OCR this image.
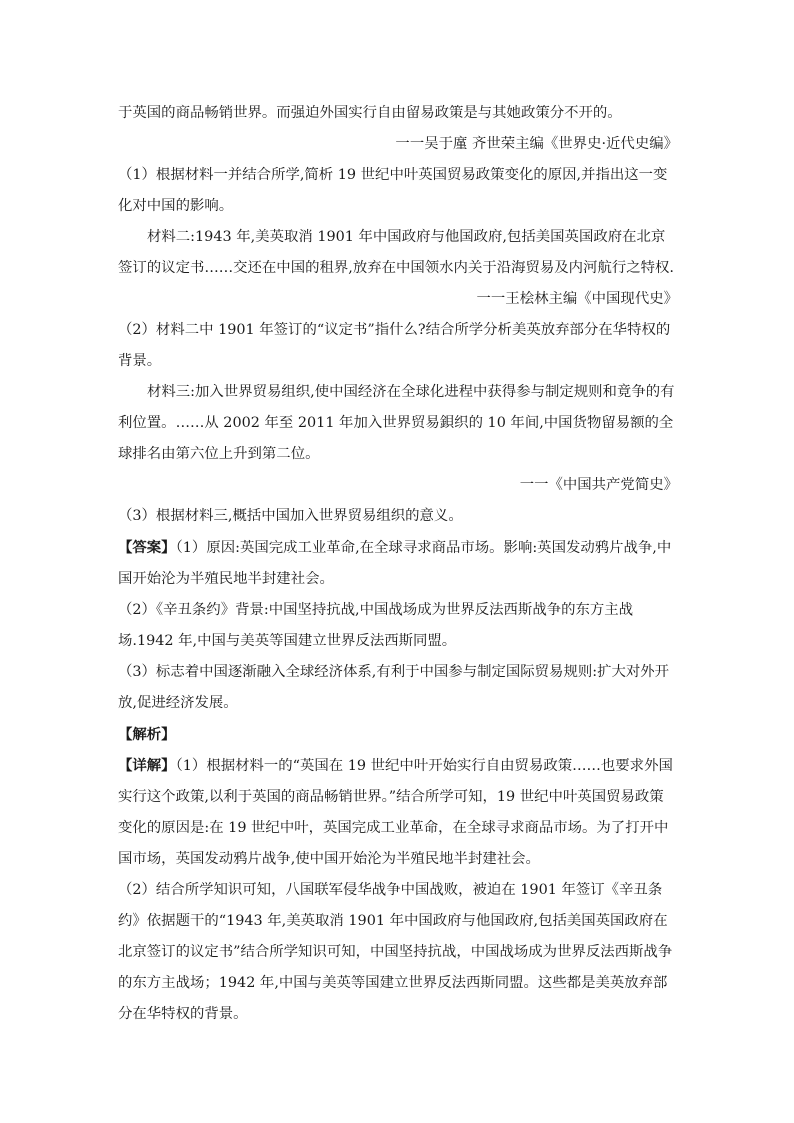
于英国的商品畅销世界。而强迫外国实行自由留易政策是与其她政策分不开的。

一一吴于廑 齐世荣主编《世界史·近代史编》

（1）根据材料一并结合所学,简析 19 世纪中叶英国贸易政策变化的原因,并指出这一变化对中国的影响。

材料二:1943 年,美英取消 1901 年中国政府与他国政府,包括美国英国政府在北京签订的议定书……交还在中国的租界,放弃在中国领水内关于沿海贸易及内河航行之特权.

一一王桧林主编《中国现代史》

（2）材料二中 1901 年签订的“议定书”指什么?结合所学分析美英放弃部分在华特权的背景。

材料三:加入世界贸易组织,使中国经济在全球化进程中获得参与制定规则和竟争的有利位置。……从 2002 年至 2011 年加入世界贸易鋇织的 10 年间,中国货物留易额的全球排名由第六位上升到第二位。

一一《中国共产党简史》

（3）根据材料三,概括中国加入世界贸易组织的意义。

【答案】（1）原因:英国完成工业革命,在全球寻求商品市场。影响:英国发动鸦片战争,中国开始沦为半殖民地半封建社会。

（2）《辛丑条约》背景:中国坚持抗战,中国战场成为世界反法西斯战争的东方主战场.1942 年,中国与美英等国建立世界反法西斯同盟。

（3）标志着中国逐渐融入全球经济体系,有利于中国参与制定国际贸易规则:扩大对外开放,促进经济发展。

【解析】

【详解】（1）根据材料一的“英国在 19 世纪中叶开始实行自由贸易政策……也要求外国实行这个政策,以利于英国的商品畅销世界。”结合所学可知，19 世纪中叶英国贸易政策变化的原因是:在 19 世纪中叶，英国完成工业革命，在全球寻求商品市场。为了打开中国市场，英国发动鸦片战争,使中国开始沦为半殖民地半封建社会。

（2）结合所学知识可知，八国联军侵华战争中国战败，被迫在 1901 年签订《辛丑条约》依据题干的“1943 年,美英取消 1901 年中国政府与他国政府,包括美国英国政府在北京签订的议定书”结合所学知识可知，中国坚持抗战，中国战场成为世界反法西斯战争的东方主战场；1942 年,中国与美英等国建立世界反法西斯同盟。这些都是美英放弃部分在华特权的背景。
